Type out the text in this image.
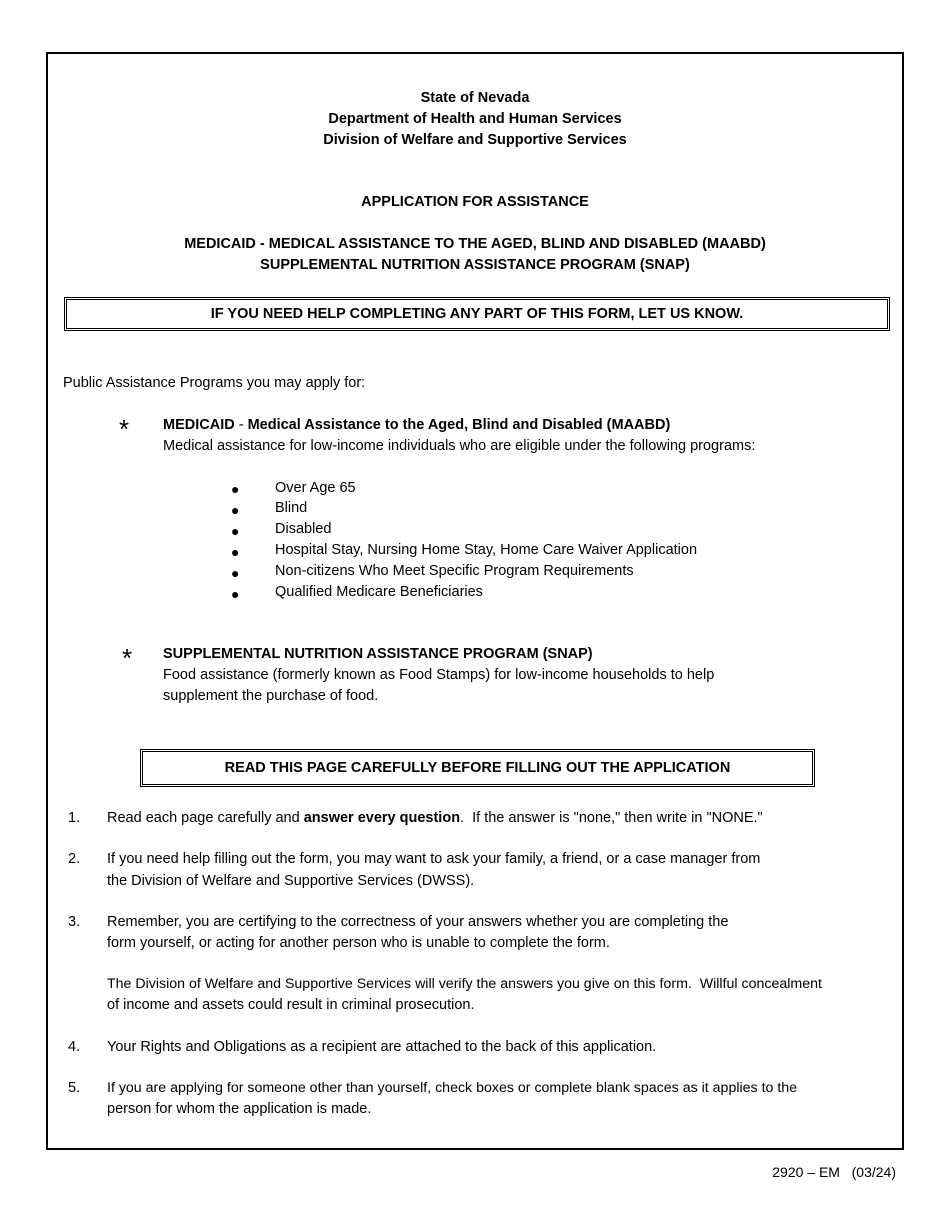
State of Nevada
Department of Health and Human Services
Division of Welfare and Supportive Services
APPLICATION FOR ASSISTANCE
MEDICAID - MEDICAL ASSISTANCE TO THE AGED, BLIND AND DISABLED (MAABD)
SUPPLEMENTAL NUTRITION ASSISTANCE PROGRAM (SNAP)
IF YOU NEED HELP COMPLETING ANY PART OF THIS FORM, LET US KNOW.
Public Assistance Programs you may apply for:
* MEDICAID - Medical Assistance to the Aged, Blind and Disabled (MAABD)
Medical assistance for low-income individuals who are eligible under the following programs:
● Over Age 65
● Blind
● Disabled
● Hospital Stay, Nursing Home Stay, Home Care Waiver Application
● Non-citizens Who Meet Specific Program Requirements
● Qualified Medicare Beneficiaries
* SUPPLEMENTAL NUTRITION ASSISTANCE PROGRAM (SNAP)
Food assistance (formerly known as Food Stamps) for low-income households to help
supplement the purchase of food.
READ THIS PAGE CAREFULLY BEFORE FILLING OUT THE APPLICATION
1. Read each page carefully and answer every question.  If the answer is "none," then write in "NONE."
2. If you need help filling out the form, you may want to ask your family, a friend, or a case manager from
the Division of Welfare and Supportive Services (DWSS).
3. Remember, you are certifying to the correctness of your answers whether you are completing the
form yourself, or acting for another person who is unable to complete the form.
The Division of Welfare and Supportive Services will verify the answers you give on this form.  Willful concealment
of income and assets could result in criminal prosecution.
4. Your Rights and Obligations as a recipient are attached to the back of this application.
5. If you are applying for someone other than yourself, check boxes or complete blank spaces as it applies to the
person for whom the application is made.
2920 – EM   (03/24)
